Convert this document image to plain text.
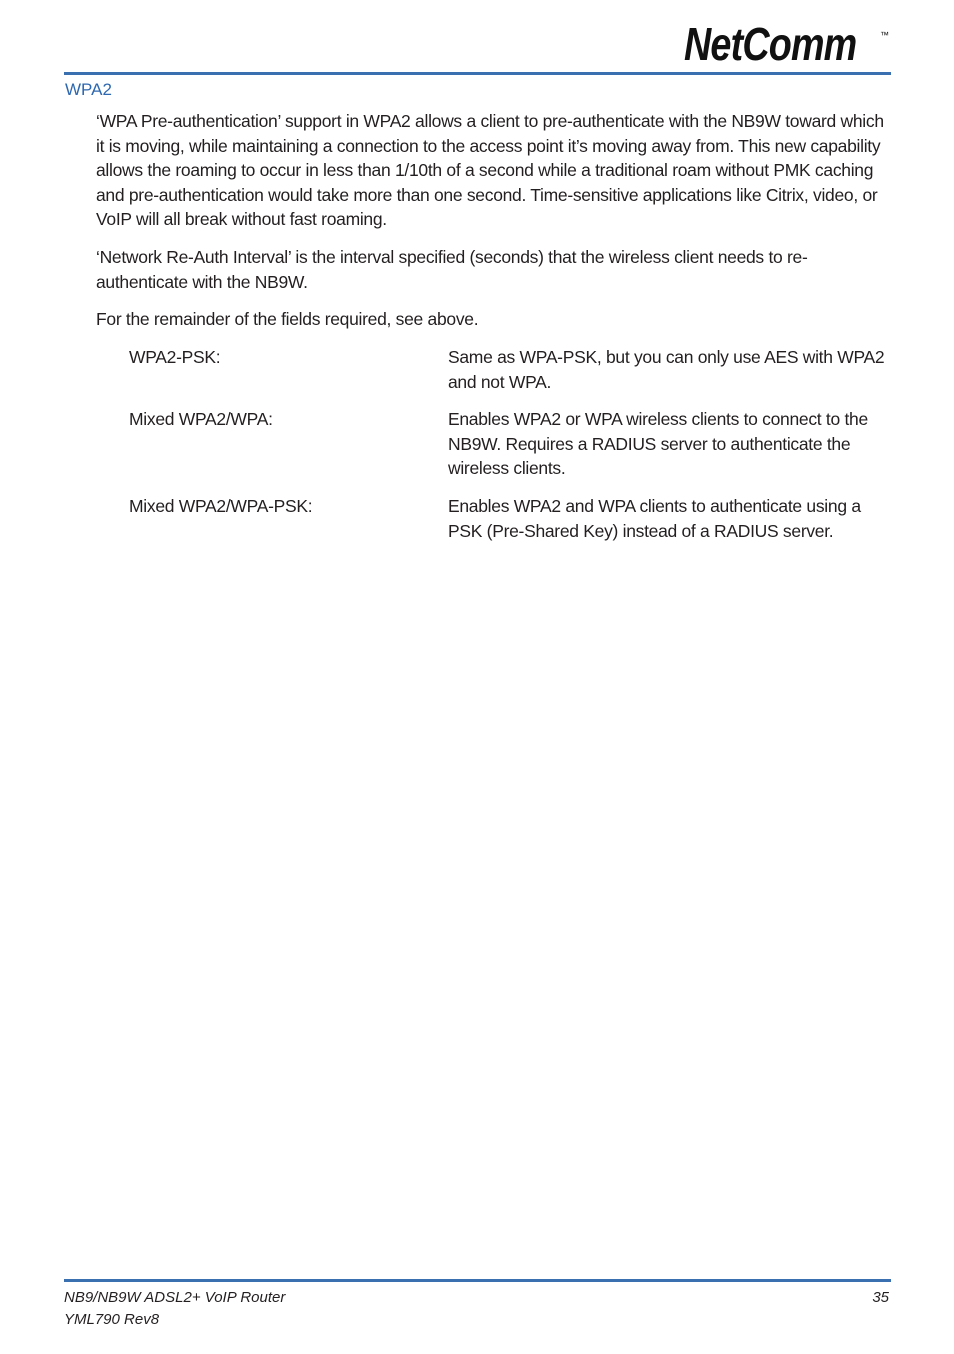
NetComm	™
WPA2
‘WPA Pre-authentication’ support in WPA2 allows a client to pre-authenticate with the NB9W toward which it is moving, while maintaining a connection to the access point it’s moving away from. This new capability allows the roaming to occur in less than 1/10th of a second while a traditional roam without PMK caching and pre-authentication would take more than one second. Time-sensitive applications like Citrix, video, or VoIP will all break without fast roaming.
‘Network Re-Auth Interval’ is the interval specified (seconds) that the wireless client needs to re-authenticate with the NB9W.
For the remainder of the fields required, see above.
WPA2-PSK:	Same as WPA-PSK, but you can only use AES with WPA2 and not WPA.
Mixed WPA2/WPA:	Enables WPA2 or WPA wireless clients to connect to the NB9W. Requires a RADIUS server to authenticate the wireless clients.
Mixed WPA2/WPA-PSK:	Enables WPA2 and WPA clients to authenticate using a PSK (Pre-Shared Key) instead of a RADIUS server.
NB9/NB9W ADSL2+ VoIP Router
YML790 Rev8
35
